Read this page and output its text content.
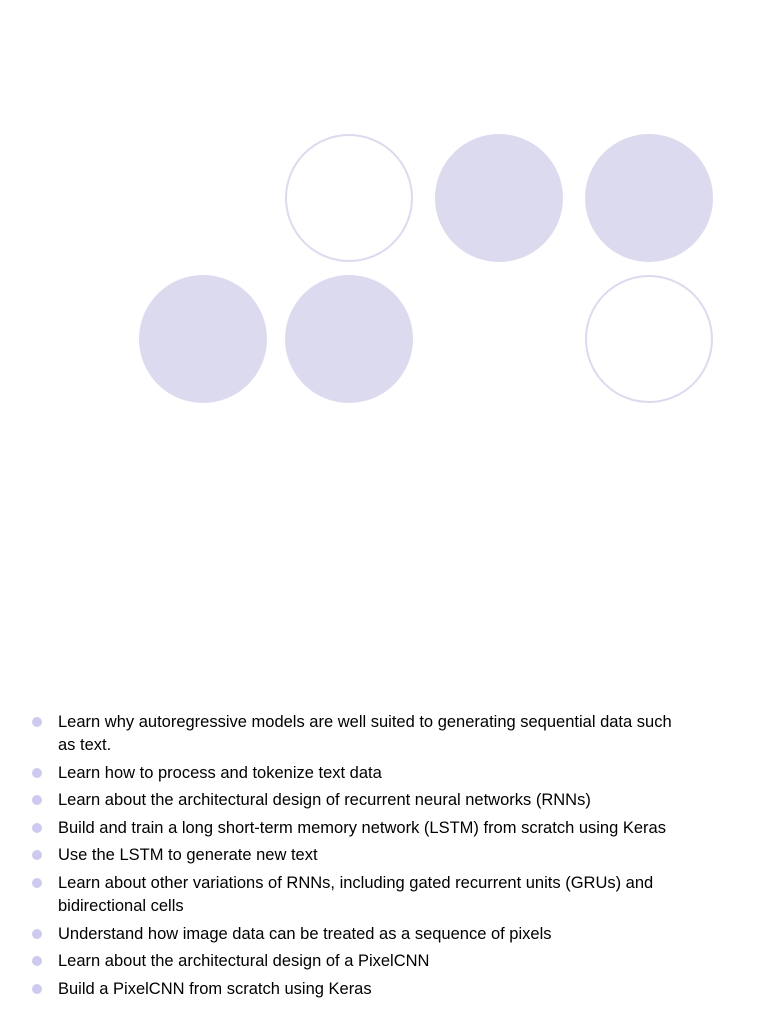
Learn why autoregressive models are well suited to generating sequential data such as text.
Learn how to process and tokenize text data
Learn about the architectural design of recurrent neural networks (RNNs)
Build and train a long short-term memory network (LSTM) from scratch using Keras
Use the LSTM to generate new text
Learn about other variations of RNNs, including gated recurrent units (GRUs) and bidirectional cells
Understand how image data can be treated as a sequence of pixels
Learn about the architectural design of a PixelCNN
Build a PixelCNN from scratch using Keras
